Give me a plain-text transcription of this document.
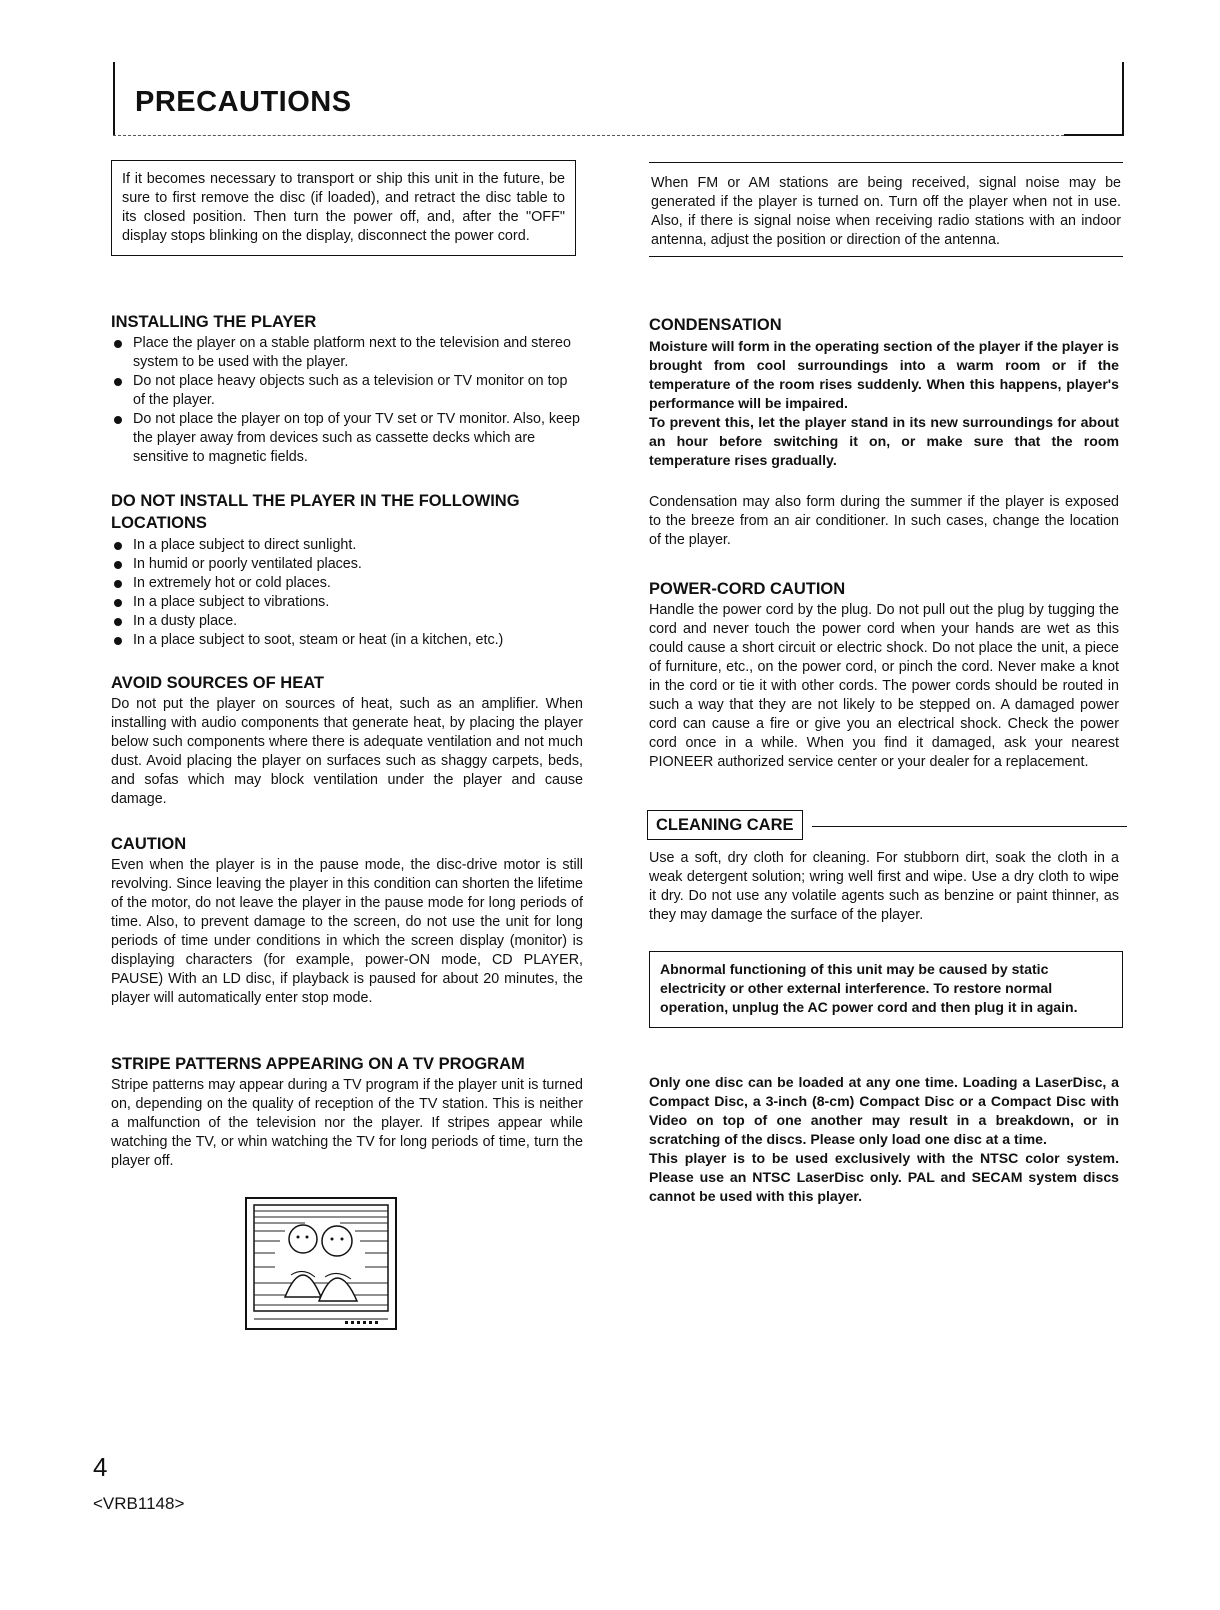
PRECAUTIONS

If it becomes necessary to transport or ship this unit in the future, be sure to first remove the disc (if loaded), and retract the disc table to its closed position. Then turn the power off, and, after the "OFF" display stops blinking on the display, disconnect the power cord.

INSTALLING THE PLAYER
Place the player on a stable platform next to the television and stereo system to be used with the player.
Do not place heavy objects such as a television or TV monitor on top of the player.
Do not place the player on top of your TV set or TV monitor. Also, keep the player away from devices such as cassette decks which are sensitive to magnetic fields.
DO NOT INSTALL THE PLAYER IN THE FOLLOWING LOCATIONS
In a place subject to direct sunlight.
In humid or poorly ventilated places.
In extremely hot or cold places.
In a place subject to vibrations.
In a dusty place.
In a place subject to soot, steam or heat (in a kitchen, etc.)
AVOID SOURCES OF HEAT

Do not put the player on sources of heat, such as an amplifier. When installing with audio components that generate heat, by placing the player below such components where there is adequate ventilation and not much dust. Avoid placing the player on surfaces such as shaggy carpets, beds, and sofas which may block ventilation under the player and cause damage.

CAUTION

Even when the player is in the pause mode, the disc-drive motor is still revolving. Since leaving the player in this condition can shorten the lifetime of the motor, do not leave the player in the pause mode for long periods of time. Also, to prevent damage to the screen, do not use the unit for long periods of time under conditions in which the screen display (monitor) is displaying characters (for example, power-ON mode, CD PLAYER, PAUSE) With an LD disc, if playback is paused for about 20 minutes, the player will automatically enter stop mode.

STRIPE PATTERNS APPEARING ON A TV PROGRAM

Stripe patterns may appear during a TV program if the player unit is turned on, depending on the quality of reception of the TV station. This is neither a malfunction of the television nor the player. If stripes appear while watching the TV, or whin watching the TV for long periods of time, turn the player off.

When FM or AM stations are being received, signal noise may be generated if the player is turned on. Turn off the player when not in use. Also, if there is signal noise when receiving radio stations with an indoor antenna, adjust the position or direction of the antenna.

CONDENSATION

Moisture will form in the operating section of the player if the player is brought from cool surroundings into a warm room or if the temperature of the room rises suddenly. When this happens, player's performance will be impaired.

To prevent this, let the player stand in its new surroundings for about an hour before switching it on, or make sure that the room temperature rises gradually.

Condensation may also form during the summer if the player is exposed to the breeze from an air conditioner. In such cases, change the location of the player.

POWER-CORD CAUTION

Handle the power cord by the plug. Do not pull out the plug by tugging the cord and never touch the power cord when your hands are wet as this could cause a short circuit or electric shock. Do not place the unit, a piece of furniture, etc., on the power cord, or pinch the cord. Never make a knot in the cord or tie it with other cords. The power cords should be routed in such a way that they are not likely to be stepped on. A damaged power cord can cause a fire or give you an electrical shock. Check the power cord once in a while. When you find it damaged, ask your nearest PIONEER authorized service center or your dealer for a replacement.

CLEANING CARE

Use a soft, dry cloth for cleaning. For stubborn dirt, soak the cloth in a weak detergent solution; wring well first and wipe. Use a dry cloth to wipe it dry. Do not use any volatile agents such as benzine or paint thinner, as they may damage the surface of the player.

Abnormal functioning of this unit may be caused by static electricity or other external interference. To restore normal operation, unplug the AC power cord and then plug it in again.

Only one disc can be loaded at any one time. Loading a LaserDisc, a Compact Disc, a 3-inch (8-cm) Compact Disc or a Compact Disc with Video on top of one another may result in a breakdown, or in scratching of the discs. Please only load one disc at a time.

This player is to be used exclusively with the NTSC color system. Please use an NTSC LaserDisc only. PAL and SECAM system discs cannot be used with this player.

4
<VRB1148>
